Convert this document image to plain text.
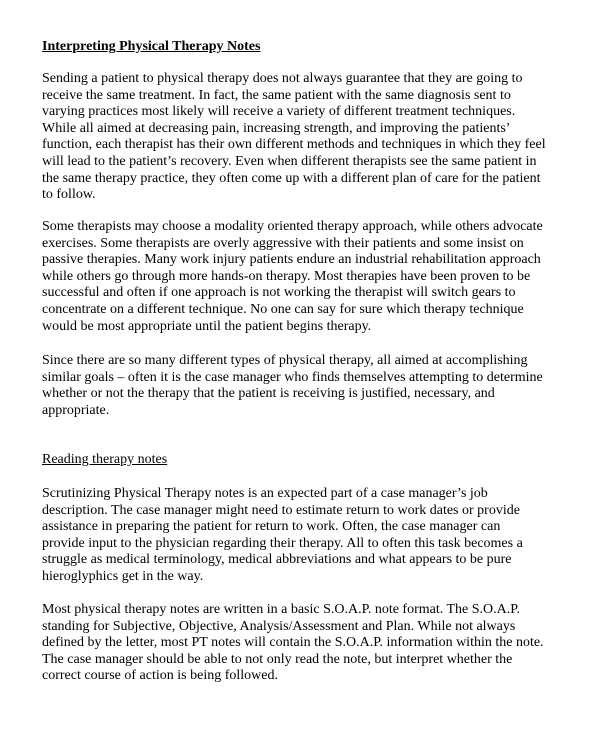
Interpreting Physical Therapy Notes

Sending a patient to physical therapy does not always guarantee that they are going to
receive the same treatment. In fact, the same patient with the same diagnosis sent to
varying practices most likely will receive a variety of different treatment techniques.
While all aimed at decreasing pain, increasing strength, and improving the patients’
function, each therapist has their own different methods and techniques in which they feel
will lead to the patient’s recovery. Even when different therapists see the same patient in
the same therapy practice, they often come up with a different plan of care for the patient
to follow.

Some therapists may choose a modality oriented therapy approach, while others advocate
exercises. Some therapists are overly aggressive with their patients and some insist on
passive therapies. Many work injury patients endure an industrial rehabilitation approach
while others go through more hands-on therapy. Most therapies have been proven to be
successful and often if one approach is not working the therapist will switch gears to
concentrate on a different technique. No one can say for sure which therapy technique
would be most appropriate until the patient begins therapy.

Since there are so many different types of physical therapy, all aimed at accomplishing
similar goals – often it is the case manager who finds themselves attempting to determine
whether or not the therapy that the patient is receiving is justified, necessary, and
appropriate.

Reading therapy notes

Scrutinizing Physical Therapy notes is an expected part of a case manager’s job
description. The case manager might need to estimate return to work dates or provide
assistance in preparing the patient for return to work. Often, the case manager can
provide input to the physician regarding their therapy. All to often this task becomes a
struggle as medical terminology, medical abbreviations and what appears to be pure
hieroglyphics get in the way.

Most physical therapy notes are written in a basic S.O.A.P. note format. The S.O.A.P.
standing for Subjective, Objective, Analysis/Assessment and Plan. While not always
defined by the letter, most PT notes will contain the S.O.A.P. information within the note.
The case manager should be able to not only read the note, but interpret whether the
correct course of action is being followed.
